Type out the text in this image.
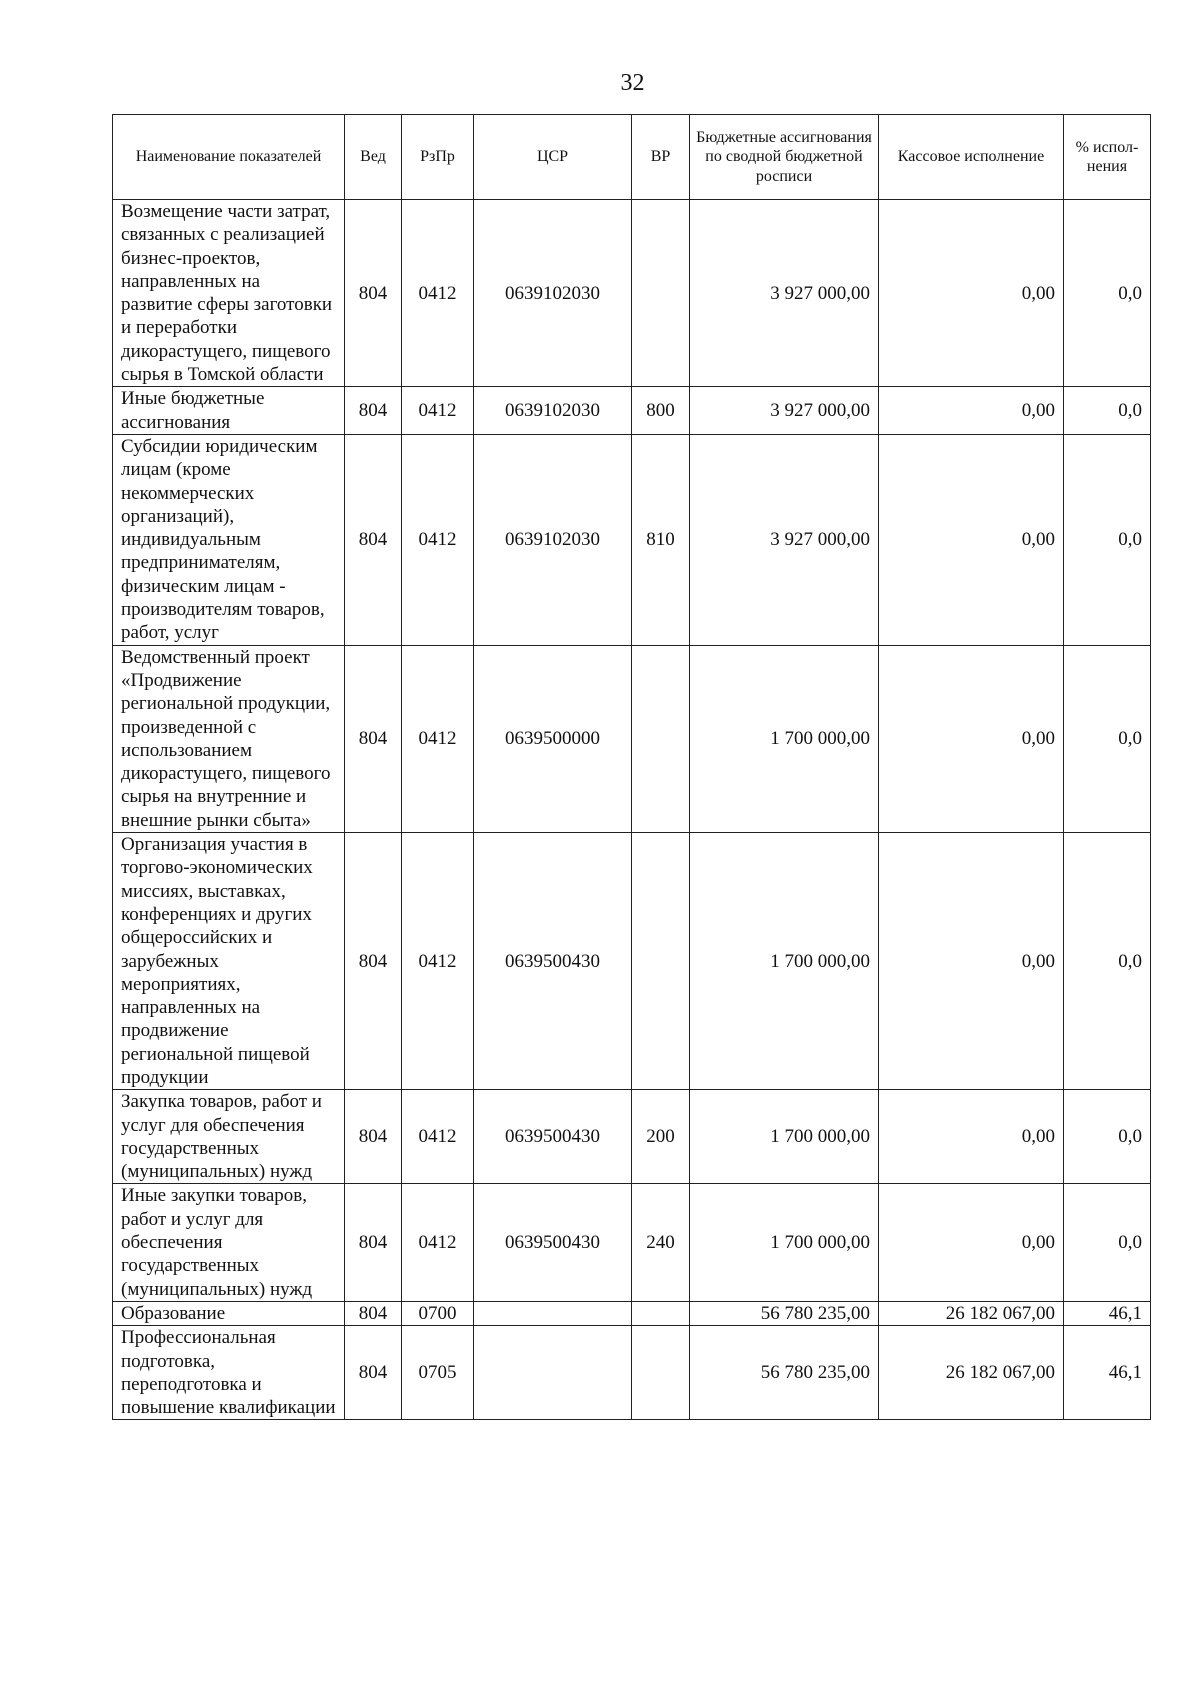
32
Наименование показателей	Вед	РзПр	ЦСР	ВР	Бюджетные ассигнования по сводной бюджетной росписи	Кассовое исполнение	% испол-нения
Возмещение части затрат, связанных с реализацией бизнес-проектов, направленных на развитие сферы заготовки и переработки дикорастущего, пищевого сырья в Томской области	804	0412	0639102030		3 927 000,00	0,00	0,0
Иные бюджетные ассигнования	804	0412	0639102030	800	3 927 000,00	0,00	0,0
Субсидии юридическим лицам (кроме некоммерческих организаций), индивидуальным предпринимателям, физическим лицам - производителям товаров, работ, услуг	804	0412	0639102030	810	3 927 000,00	0,00	0,0
Ведомственный проект «Продвижение региональной продукции, произведенной с использованием дикорастущего, пищевого сырья на внутренние и внешние рынки сбыта»	804	0412	0639500000		1 700 000,00	0,00	0,0
Организация участия в торгово-экономических миссиях, выставках, конференциях и других общероссийских и зарубежных мероприятиях, направленных на продвижение региональной пищевой продукции	804	0412	0639500430		1 700 000,00	0,00	0,0
Закупка товаров, работ и услуг для обеспечения государственных (муниципальных) нужд	804	0412	0639500430	200	1 700 000,00	0,00	0,0
Иные закупки товаров, работ и услуг для обеспечения государственных (муниципальных) нужд	804	0412	0639500430	240	1 700 000,00	0,00	0,0
Образование	804	0700			56 780 235,00	26 182 067,00	46,1
Профессиональная подготовка, переподготовка и повышение квалификации	804	0705			56 780 235,00	26 182 067,00	46,1
